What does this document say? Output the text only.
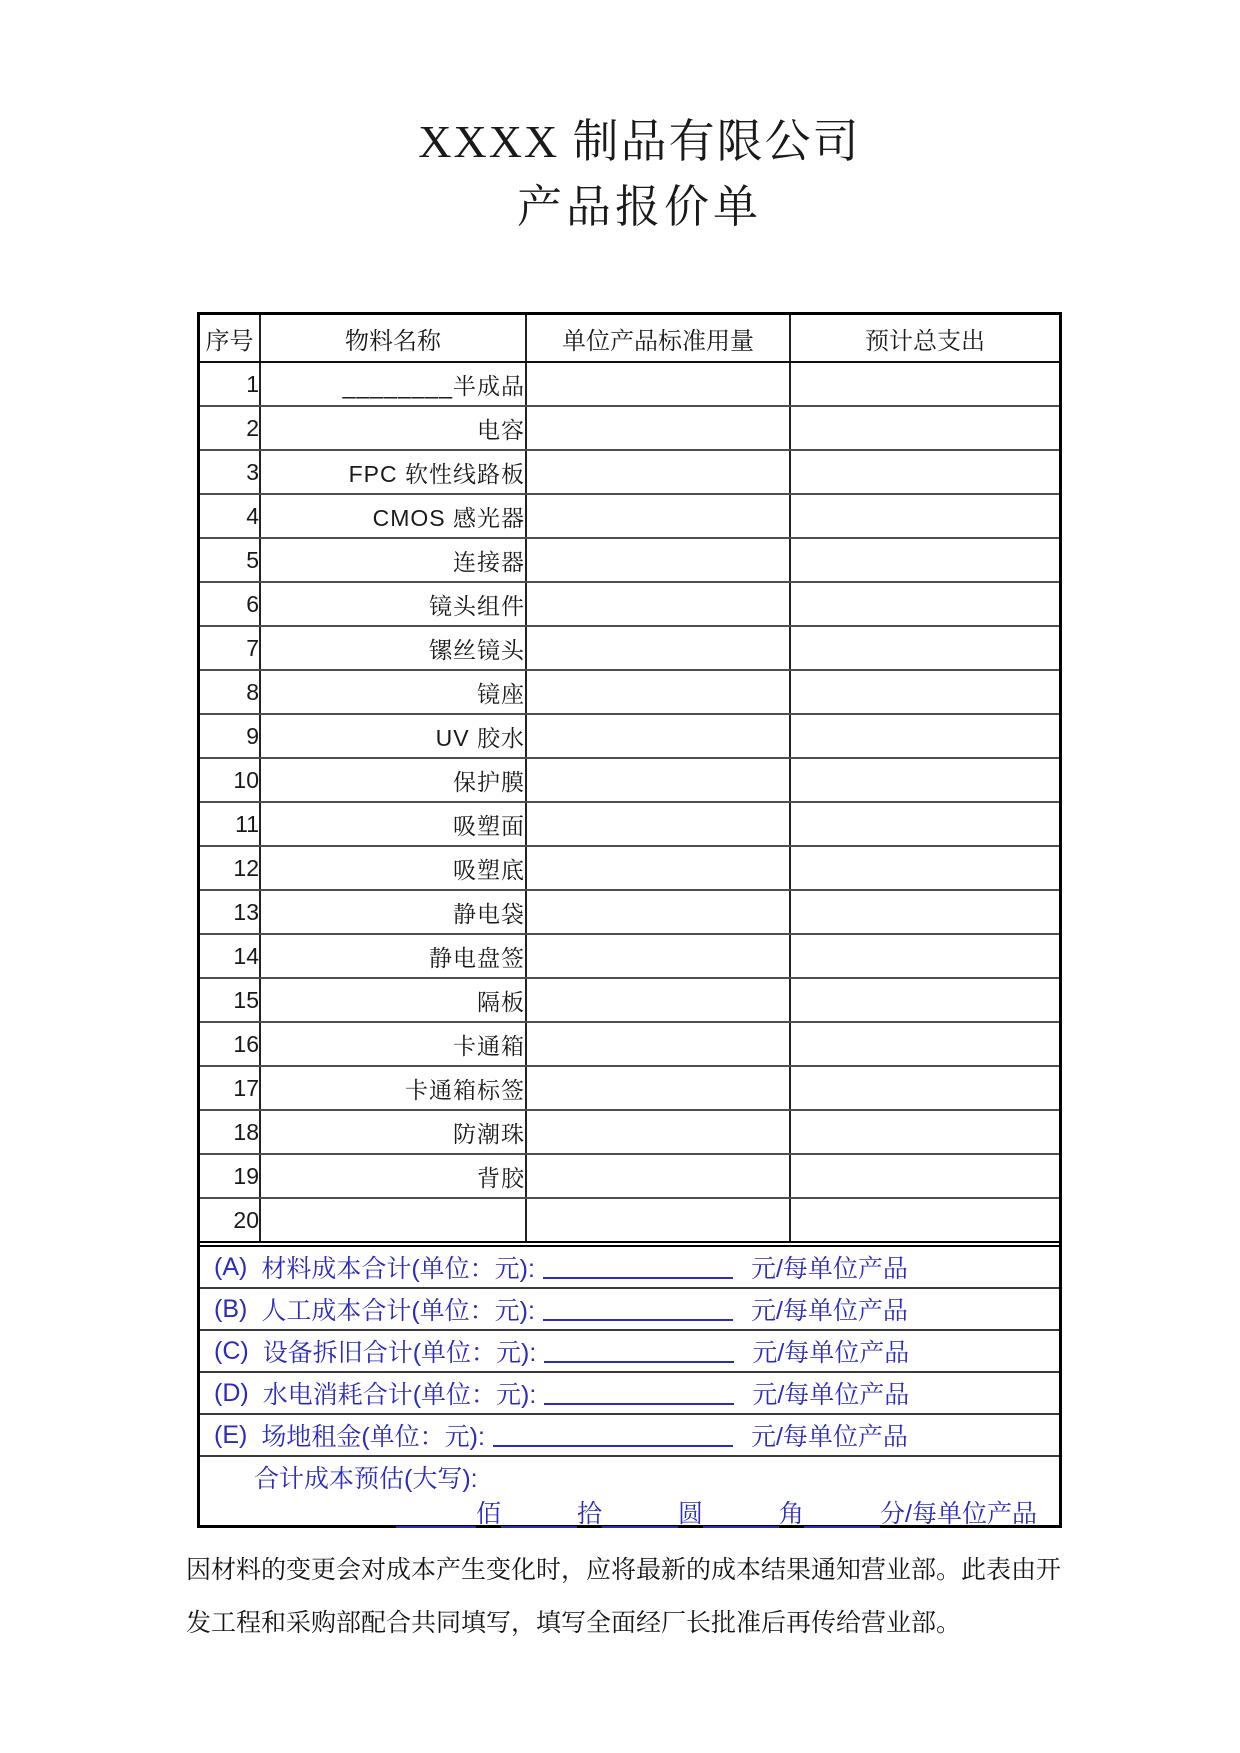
XXXX 制品有限公司
产品报价单
序号	物料名称	单位产品标准用量	预计总支出
1	________半成品		
2	电容		
3	FPC 软性线路板		
4	CMOS 感光器		
5	连接器		
6	镜头组件		
7	镙丝镜头		
8	镜座		
9	UV 胶水		
10	保护膜		
11	吸塑面		
12	吸塑底		
13	静电袋		
14	静电盘签		
15	隔板		
16	卡通箱		
17	卡通箱标签		
18	防潮珠		
19	背胶		
20			
(A) 材料成本合计(单位：元):	元/每单位产品
(B) 人工成本合计(单位：元):	元/每单位产品
(C) 设备拆旧合计(单位：元):	元/每单位产品
(D) 水电消耗合计(单位：元):	元/每单位产品
(E) 场地租金(单位：元):	元/每单位产品
合计成本预估(大写):
佰	拾	圆	角	分/每单位产品
因材料的变更会对成本产生变化时，应将最新的成本结果通知营业部。此表由开
发工程和采购部配合共同填写，填写全面经厂长批准后再传给营业部。
